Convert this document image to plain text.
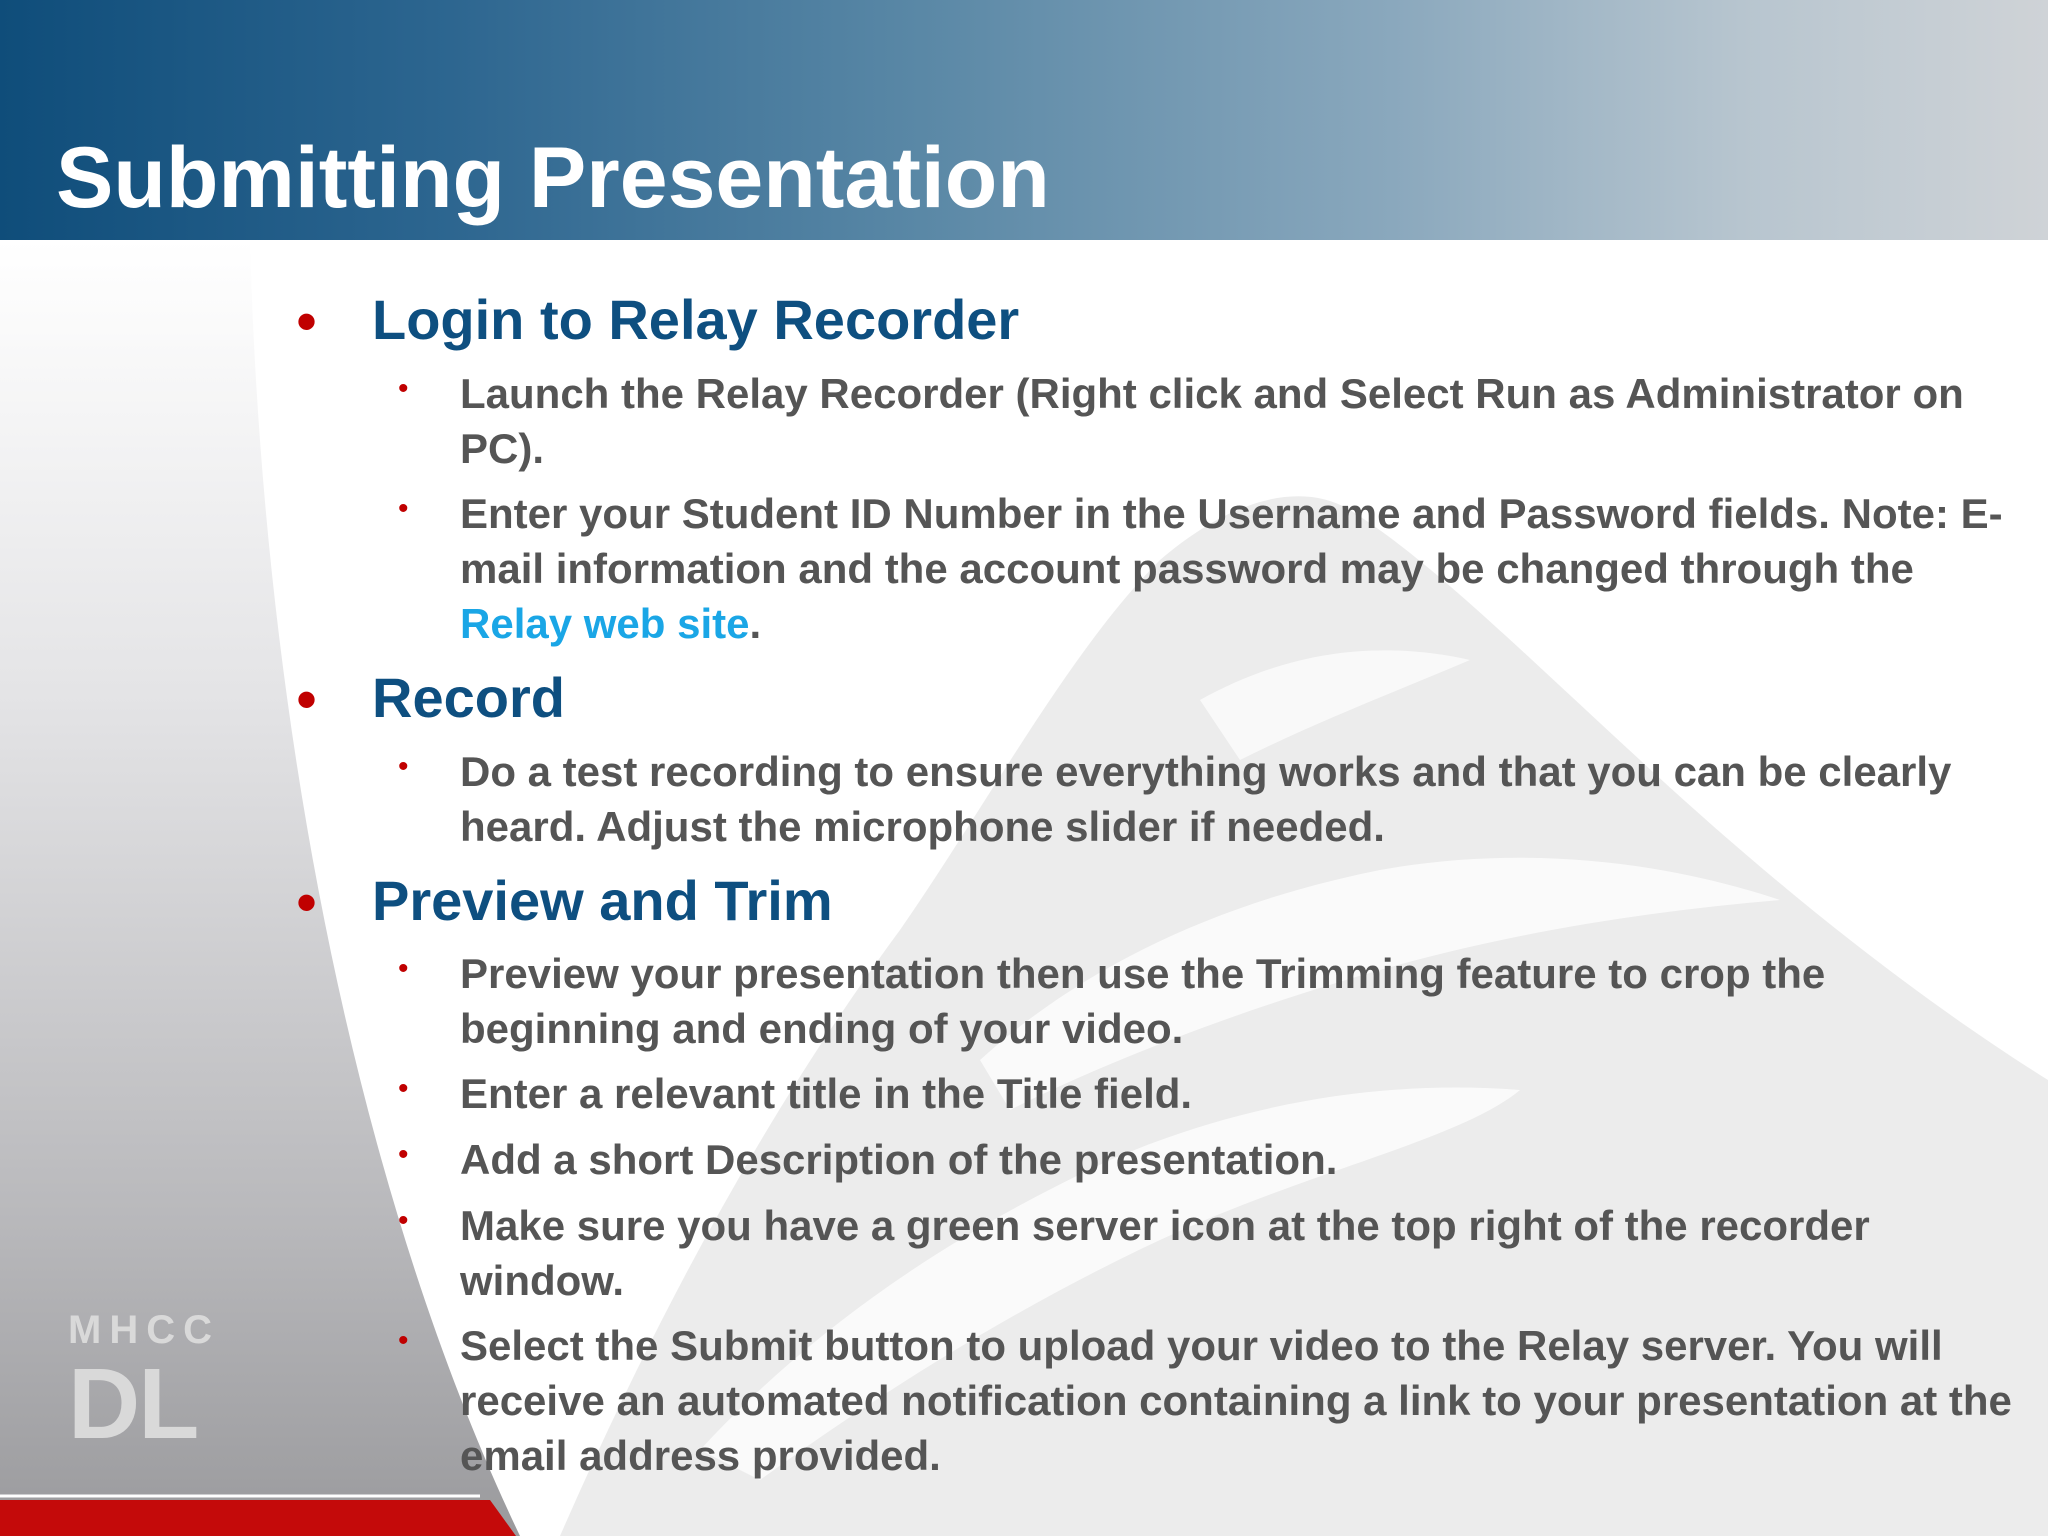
Submitting Presentation
• Login to Relay Recorder
• Launch the Relay Recorder (Right click and Select Run as Administrator on PC).

• Enter your Student ID Number in the Username and Password fields. Note: E-mail information and the account password may be changed through the Relay web site.

• Record
• Do a test recording to ensure everything works and that you can be clearly heard. Adjust the microphone slider if needed.

• Preview and Trim
• Preview your presentation then use the Trimming feature to crop the beginning and ending of your video.

• Enter a relevant title in the Title field.

• Add a short Description of the presentation.

• Make sure you have a green server icon at the top right of the recorder window.

• Select the Submit button to upload your video to the Relay server. You will receive an automated notification containing a link to your presentation at the email address provided.

MHCC
DL
